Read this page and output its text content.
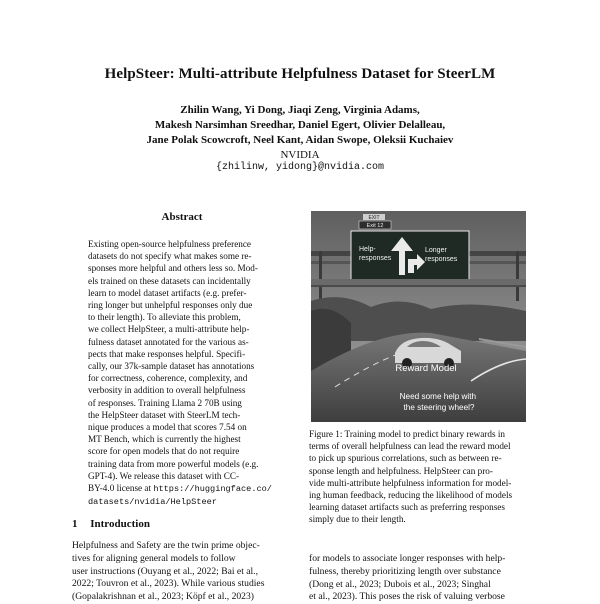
HelpSteer: Multi-attribute Helpfulness Dataset for SteerLM
Zhilin Wang, Yi Dong, Jiaqi Zeng, Virginia Adams,
Makesh Narsimhan Sreedhar, Daniel Egert, Olivier Delalleau,
Jane Polak Scowcroft, Neel Kant, Aidan Swope, Oleksii Kuchaiev
NVIDIA
{zhilinw, yidong}@nvidia.com
Abstract
Existing open-source helpfulness preference
datasets do not specify what makes some re-
sponses more helpful and others less so. Mod-
els trained on these datasets can incidentally
learn to model dataset artifacts (e.g. prefer-
ring longer but unhelpful responses only due
to their length). To alleviate this problem,
we collect HelpSteer, a multi-attribute help-
fulness dataset annotated for the various as-
pects that make responses helpful. Specifi-
cally, our 37k-sample dataset has annotations
for correctness, coherence, complexity, and
verbosity in addition to overall helpfulness
of responses. Training Llama 2 70B using
the HelpSteer dataset with SteerLM tech-
nique produces a model that scores 7.54 on
MT Bench, which is currently the highest
score for open models that do not require
training data from more powerful models (e.g.
GPT-4). We release this dataset with CC-
BY-4.0 license at https://huggingface.co/
datasets/nvidia/HelpSteer
1 Introduction
Helpfulness and Safety are the twin prime objec-
tives for aligning general models to follow
user instructions (Ouyang et al., 2022; Bai et al.,
2022; Touvron et al., 2023). While various studies
(Gopalakrishnan et al., 2023; Köpf et al., 2023)
for models to associate longer responses with help-
fulness, thereby prioritizing length over substance
(Dong et al., 2023; Dubois et al., 2023; Singhal
et al., 2023). This poses the risk of valuing verbose
EXIT
Exit 12
Help- responses
Longer responses
Reward Model
Need some help with the steering wheel?
Figure 1: Training model to predict binary rewards in
terms of overall helpfulness can lead the reward model
to pick up spurious correlations, such as between re-
sponse length and helpfulness. HelpSteer can pro-
vide multi-attribute helpfulness information for model-
ing human feedback, reducing the likelihood of models
learning dataset artifacts such as preferring responses
simply due to their length.
